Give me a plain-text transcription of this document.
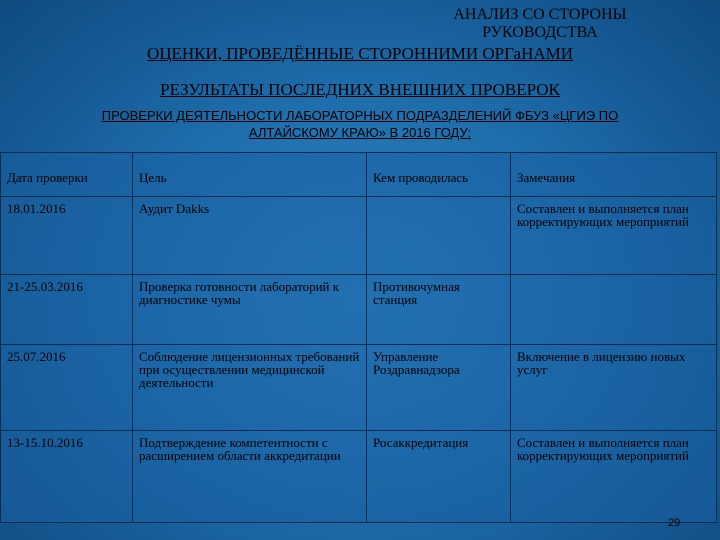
АНАЛИЗ СО СТОРОНЫ
РУКОВОДСТВА
ОЦЕНКИ, ПРОВЕДЁННЫЕ СТОРОННИМИ ОРГаНАМИ
РЕЗУЛЬТАТЫ ПОСЛЕДНИХ ВНЕШНИХ ПРОВЕРОК
ПРОВЕРКИ ДЕЯТЕЛЬНОСТИ ЛАБОРАТОРНЫХ ПОДРАЗДЕЛЕНИЙ ФБУЗ «ЦГИЭ ПО
АЛТАЙСКОМУ КРАЮ» В 2016 ГОДУ:
Дата проверки	Цель	Кем проводилась	Замечания
18.01.2016	Аудит Dakks		Составлен и выполняется план корректирующих мероприятий
21-25.03.2016	Проверка готовности лабораторий к диагностике чумы	Противочумная станция	
25.07.2016	Соблюдение лицензионных требований при осуществлении медицинской деятельности	Управление Роздравнадзора	Включение в лицензию новых услуг
13-15.10.2016	Подтверждение компетентности с расширением области аккредитации	Росаккредитация	Составлен и выполняется план корректирующих мероприятий
29
